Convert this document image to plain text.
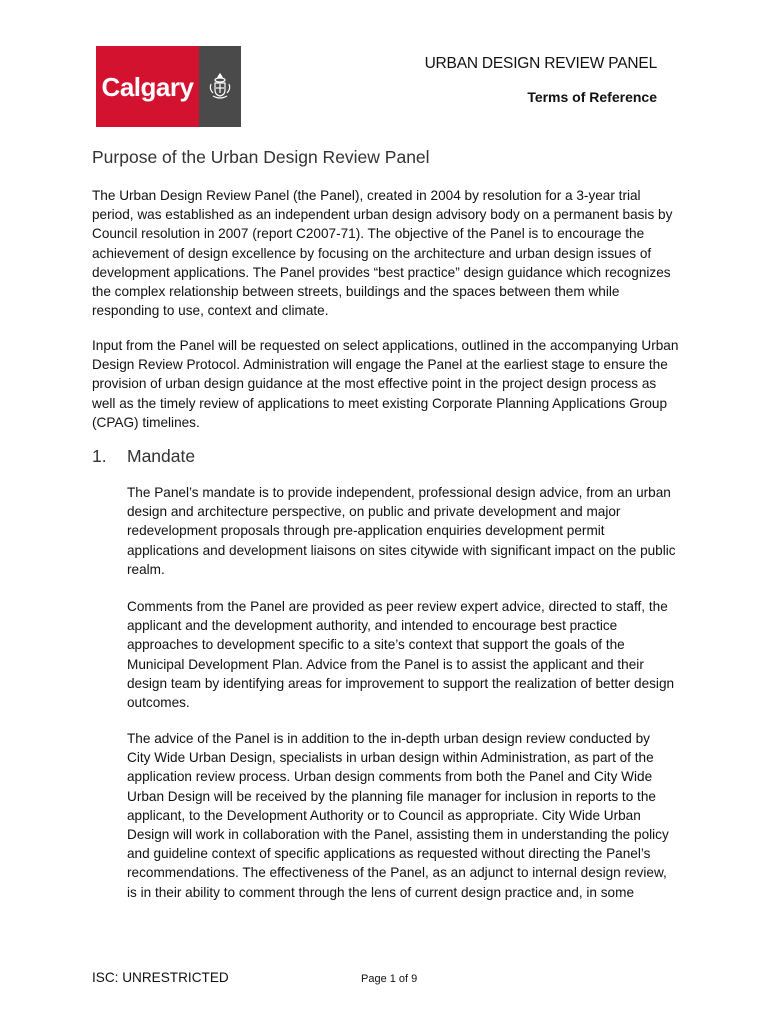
Calgary
URBAN DESIGN REVIEW PANEL
Terms of Reference
Purpose of the Urban Design Review Panel

The Urban Design Review Panel (the Panel), created in 2004 by resolution for a 3-year trial period, was established as an independent urban design advisory body on a permanent basis by Council resolution in 2007 (report C2007-71). The objective of the Panel is to encourage the achievement of design excellence by focusing on the architecture and urban design issues of development applications. The Panel provides “best practice” design guidance which recognizes the complex relationship between streets, buildings and the spaces between them while responding to use, context and climate.

Input from the Panel will be requested on select applications, outlined in the accompanying Urban Design Review Protocol. Administration will engage the Panel at the earliest stage to ensure the provision of urban design guidance at the most effective point in the project design process as well as the timely review of applications to meet existing Corporate Planning Applications Group (CPAG) timelines.

1. Mandate

The Panel’s mandate is to provide independent, professional design advice, from an urban design and architecture perspective, on public and private development and major redevelopment proposals through pre-application enquiries development permit applications and development liaisons on sites citywide with significant impact on the public realm.

Comments from the Panel are provided as peer review expert advice, directed to staff, the applicant and the development authority, and intended to encourage best practice approaches to development specific to a site’s context that support the goals of the Municipal Development Plan. Advice from the Panel is to assist the applicant and their design team by identifying areas for improvement to support the realization of better design outcomes.

The advice of the Panel is in addition to the in-depth urban design review conducted by City Wide Urban Design, specialists in urban design within Administration, as part of the application review process. Urban design comments from both the Panel and City Wide Urban Design will be received by the planning file manager for inclusion in reports to the applicant, to the Development Authority or to Council as appropriate. City Wide Urban Design will work in collaboration with the Panel, assisting them in understanding the policy and guideline context of specific applications as requested without directing the Panel’s recommendations. The effectiveness of the Panel, as an adjunct to internal design review, is in their ability to comment through the lens of current design practice and, in some

ISC: UNRESTRICTED	Page 1 of 9
